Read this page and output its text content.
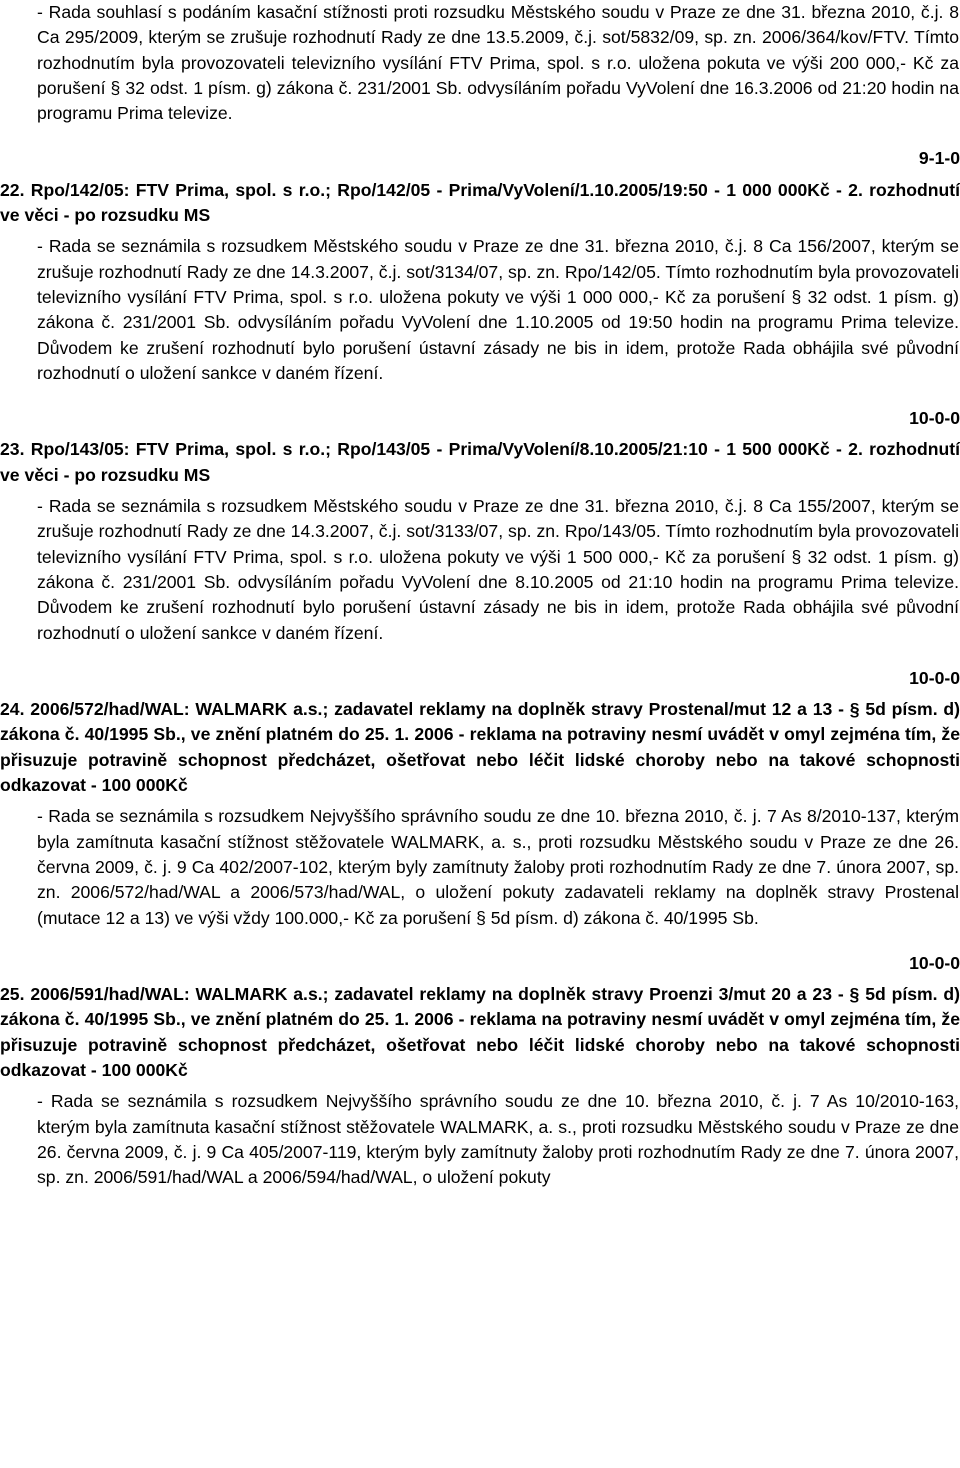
- Rada souhlasí s podáním kasační stížnosti proti rozsudku Městského soudu v Praze ze dne 31. března 2010, č.j. 8 Ca 295/2009, kterým se zrušuje rozhodnutí Rady ze dne 13.5.2009, č.j. sot/5832/09, sp. zn. 2006/364/kov/FTV. Tímto rozhodnutím byla provozovateli televizního vysílání FTV Prima, spol. s r.o. uložena pokuta ve výši 200 000,- Kč za porušení § 32 odst. 1 písm. g) zákona č. 231/2001 Sb. odvysíláním pořadu VyVolení dne 16.3.2006 od 21:20 hodin na programu Prima televize.

9-1-0

22. Rpo/142/05: FTV Prima, spol. s r.o.; Rpo/142/05 - Prima/VyVolení/1.10.2005/19:50 - 1 000 000Kč - 2. rozhodnutí ve věci - po rozsudku MS

- Rada se seznámila s rozsudkem Městského soudu v Praze ze dne 31. března 2010, č.j. 8 Ca 156/2007, kterým se zrušuje rozhodnutí Rady ze dne 14.3.2007, č.j. sot/3134/07, sp. zn. Rpo/142/05. Tímto rozhodnutím byla provozovateli televizního vysílání FTV Prima, spol. s r.o. uložena pokuty ve výši 1 000 000,- Kč za porušení § 32 odst. 1 písm. g) zákona č. 231/2001 Sb. odvysíláním pořadu VyVolení dne 1.10.2005 od 19:50 hodin na programu Prima televize. Důvodem ke zrušení rozhodnutí bylo porušení ústavní zásady ne bis in idem, protože Rada obhájila své původní rozhodnutí o uložení sankce v daném řízení.

10-0-0

23. Rpo/143/05: FTV Prima, spol. s r.o.; Rpo/143/05 - Prima/VyVolení/8.10.2005/21:10 - 1 500 000Kč - 2. rozhodnutí ve věci - po rozsudku MS

- Rada se seznámila s rozsudkem Městského soudu v Praze ze dne 31. března 2010, č.j. 8 Ca 155/2007, kterým se zrušuje rozhodnutí Rady ze dne 14.3.2007, č.j. sot/3133/07, sp. zn. Rpo/143/05. Tímto rozhodnutím byla provozovateli televizního vysílání FTV Prima, spol. s r.o. uložena pokuty ve výši 1 500 000,- Kč za porušení § 32 odst. 1 písm. g) zákona č. 231/2001 Sb. odvysíláním pořadu VyVolení dne 8.10.2005 od 21:10 hodin na programu Prima televize. Důvodem ke zrušení rozhodnutí bylo porušení ústavní zásady ne bis in idem, protože Rada obhájila své původní rozhodnutí o uložení sankce v daném řízení.

10-0-0

24. 2006/572/had/WAL: WALMARK a.s.; zadavatel reklamy na doplněk stravy Prostenal/mut 12 a 13 - § 5d písm. d) zákona č. 40/1995 Sb., ve znění platném do 25. 1. 2006 - reklama na potraviny nesmí uvádět v omyl zejména tím, že přisuzuje potravině schopnost předcházet, ošetřovat nebo léčit lidské choroby nebo na takové schopnosti odkazovat - 100 000Kč

- Rada se seznámila s rozsudkem Nejvyššího správního soudu ze dne 10. března 2010, č. j. 7 As 8/2010-137, kterým byla zamítnuta kasační stížnost stěžovatele WALMARK, a. s., proti rozsudku Městského soudu v Praze ze dne 26. června 2009, č. j. 9 Ca 402/2007-102, kterým byly zamítnuty žaloby proti rozhodnutím Rady ze dne 7. února 2007, sp. zn. 2006/572/had/WAL a 2006/573/had/WAL, o uložení pokuty zadavateli reklamy na doplněk stravy Prostenal (mutace 12 a 13) ve výši vždy 100.000,- Kč za porušení § 5d písm. d) zákona č. 40/1995 Sb.

10-0-0

25. 2006/591/had/WAL: WALMARK a.s.; zadavatel reklamy na doplněk stravy Proenzi 3/mut 20 a 23 - § 5d písm. d) zákona č. 40/1995 Sb., ve znění platném do 25. 1. 2006 - reklama na potraviny nesmí uvádět v omyl zejména tím, že přisuzuje potravině schopnost předcházet, ošetřovat nebo léčit lidské choroby nebo na takové schopnosti odkazovat - 100 000Kč

- Rada se seznámila s rozsudkem Nejvyššího správního soudu ze dne 10. března 2010, č. j. 7 As 10/2010-163, kterým byla zamítnuta kasační stížnost stěžovatele WALMARK, a. s., proti rozsudku Městského soudu v Praze ze dne 26. června 2009, č. j. 9 Ca 405/2007-119, kterým byly zamítnuty žaloby proti rozhodnutím Rady ze dne 7. února 2007, sp. zn. 2006/591/had/WAL a 2006/594/had/WAL, o uložení pokuty
